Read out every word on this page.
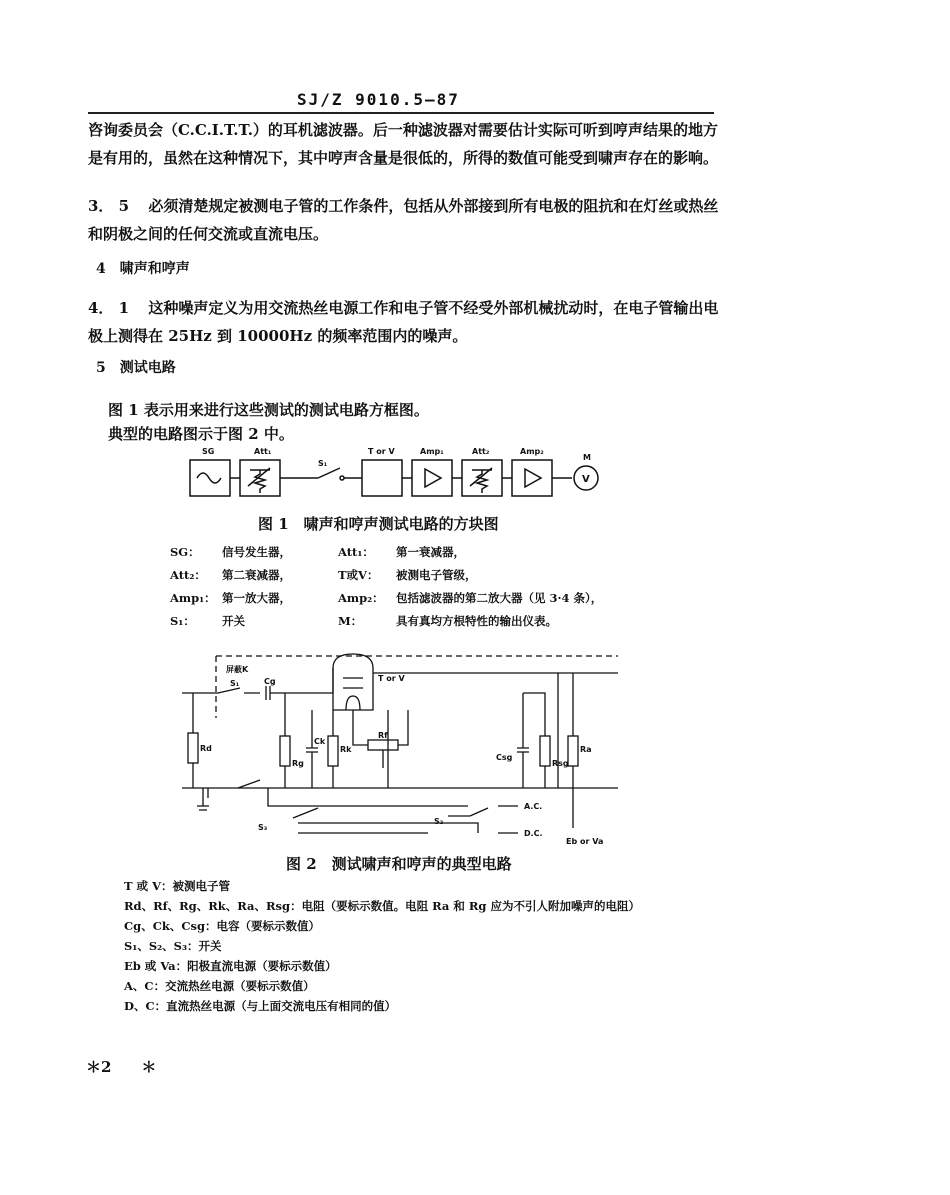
SJ/Z 9010.5—87

咨询委员会（C.C.I.T.T.）的耳机滤波器。后一种滤波器对需要估计实际可听到哼声结果的地方是有用的，虽然在这种情况下，其中哼声含量是很低的，所得的数值可能受到啸声存在的影响。

3． 5 必须清楚规定被测电子管的工作条件，包括从外部接到所有电极的阻抗和在灯丝或热丝和阴极之间的任何交流或直流电压。
4　啸声和哼声
4． 1 这种噪声定义为用交流热丝电源工作和电子管不经受外部机械扰动时，在电子管输出电极上测得在 25Hz 到 10000Hz 的频率范围内的噪声。
5　测试电路
图 1 表示用来进行这些测试的测试电路方框图。
典型的电路图示于图 2 中。
SG	Att₁
S₁
T or V	Amp₁	Att₂	Amp₂
M
V
图 1　啸声和哼声测试电路的方块图
SG： 信号发生器，	Att₁： 第一衰减器，
Att₂： 第二衰减器，	T或V： 被测电子管级，
Amp₁： 第一放大器，	Amp₂： 包括滤波器的第二放大器（见 3·4 条），
S₁： 开关	M：	具有真均方根特性的输出仪表。
屏蔽K
S₁	Cg	T or V
Rd
Rg
Ck
Rk
Rf
Csg
Rsg
Ra
S₂
S₃
A.C.
D.C.
Eb or Va
图 2　测试啸声和哼声的典型电路
T 或 V：被测电子管
Rd、Rf、Rg、Rk、Ra、Rsg：电阻（要标示数值。电阻 Ra 和 Rg 应为不引人附加噪声的电阻）
Cg、Ck、Csg：电容（要标示数值）
S₁、S₂、S₃：开关
Eb 或 Va：阳极直流电源（要标示数值）
A、C：交流热丝电源（要标示数值）
D、C：直流热丝电源（与上面交流电压有相同的值）
＊2　　＊
